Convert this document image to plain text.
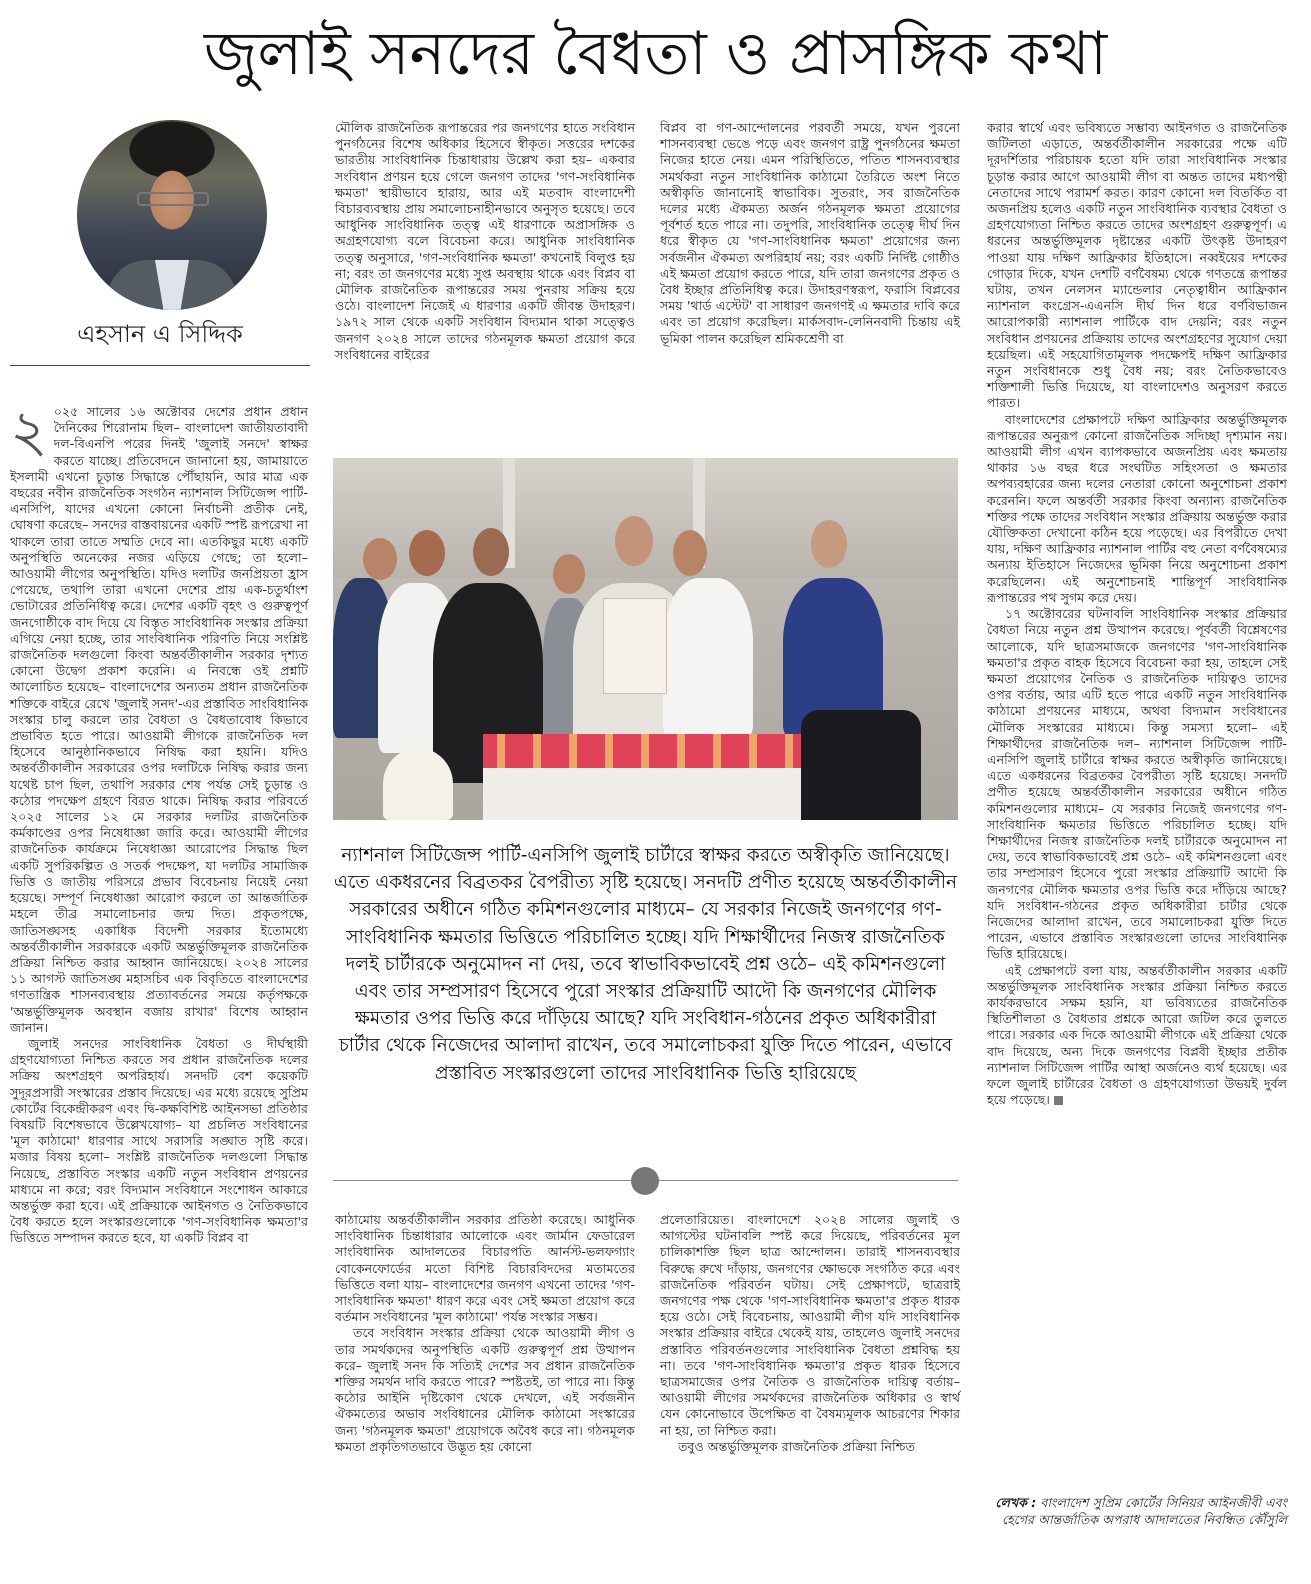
জুলাই সনদের বৈধতা ও প্রাসঙ্গিক কথা
এহসান এ সিদ্দিক

২ ০২৫ সালের ১৬ অক্টোবর দেশের প্রধান প্রধান দৈনিকের শিরোনাম ছিল– বাংলাদেশ জাতীয়তাবাদী দল-বিএনপি পরের দিনই 'জুলাই সনদে' স্বাক্ষর করতে যাচ্ছে। প্রতিবেদনে জানানো হয়, জামায়াতে ইসলামী এখনো চূড়ান্ত সিদ্ধান্তে পৌঁছায়নি, আর মাত্র এক বছরের নবীন রাজনৈতিক সংগঠন ন্যাশনাল সিটিজেন্স পার্টি-এনসিপি, যাদের এখনো কোনো নির্বাচনী প্রতীক নেই, ঘোষণা করেছে– সনদের বাস্তবায়নের একটি স্পষ্ট রূপরেখা না থাকলে তারা তাতে সম্মতি দেবে না। এতকিছুর মধ্যে একটি অনুপস্থিতি অনেকের নজর এড়িয়ে গেছে; তা হলো– আওয়ামী লীগের অনুপস্থিতি। যদিও দলটির জনপ্রিয়তা হ্রাস পেয়েছে, তথাপি তারা এখনো দেশের প্রায় এক-চতুর্থাংশ ভোটারের প্রতিনিধিত্ব করে। দেশের একটি বৃহৎ ও গুরুত্বপূর্ণ জনগোষ্ঠীকে বাদ দিয়ে যে বিস্তৃত সাংবিধানিক সংস্কার প্রক্রিয়া এগিয়ে নেয়া হচ্ছে, তার সাংবিধানিক পরিণতি নিয়ে সংশ্লিষ্ট রাজনৈতিক দলগুলো কিংবা অন্তর্বর্তীকালীন সরকার দৃশ্যত কোনো উদ্বেগ প্রকাশ করেনি। এ নিবন্ধে ওই প্রশ্নটি আলোচিত হয়েছে– বাংলাদেশের অন্যতম প্রধান রাজনৈতিক শক্তিকে বাইরে রেখে 'জুলাই সনদ'-এর প্রস্তাবিত সাংবিধানিক সংস্কার চালু করলে তার বৈধতা ও বৈধতাবোধ কিভাবে প্রভাবিত হতে পারে। আওয়ামী লীগকে রাজনৈতিক দল হিসেবে আনুষ্ঠানিকভাবে নিষিদ্ধ করা হয়নি। যদিও অন্তর্বর্তীকালীন সরকারের ওপর দলটিকে নিষিদ্ধ করার জন্য যথেষ্ট চাপ ছিল, তথাপি সরকার শেষ পর্যন্ত সেই চূড়ান্ত ও কঠোর পদক্ষেপ গ্রহণে বিরত থাকে। নিষিদ্ধ করার পরিবর্তে ২০২৫ সালের ১২ মে সরকার দলটির রাজনৈতিক কর্মকাণ্ডের ওপর নিষেধাজ্ঞা জারি করে। আওয়ামী লীগের রাজনৈতিক কার্যক্রমে নিষেধাজ্ঞা আরোপের সিদ্ধান্ত ছিল একটি সুপরিকল্পিত ও সতর্ক পদক্ষেপ, যা দলটির সামাজিক ভিত্তি ও জাতীয় পরিসরে প্রভাব বিবেচনায় নিয়েই নেয়া হয়েছে। সম্পূর্ণ নিষেধাজ্ঞা আরোপ করলে তা আন্তর্জাতিক মহলে তীব্র সমালোচনার জন্ম দিত। প্রকৃতপক্ষে, জাতিসঙ্ঘসহ একাধিক বিদেশী সরকার ইতোমধ্যে অন্তর্বর্তীকালীন সরকারকে একটি অন্তর্ভুক্তিমূলক রাজনৈতিক প্রক্রিয়া নিশ্চিত করার আহ্বান জানিয়েছে। ২০২৪ সালের ১১ আগস্ট জাতিসঙ্ঘ মহাসচিব এক বিবৃতিতে বাংলাদেশের গণতান্ত্রিক শাসনব্যবস্থায় প্রত্যাবর্তনের সময়ে কর্তৃপক্ষকে 'অন্তর্ভুক্তিমূলক অবস্থান বজায় রাখার' বিশেষ আহ্বান জানান।

জুলাই সনদের সাংবিধানিক বৈধতা ও দীর্ঘস্থায়ী গ্রহণযোগ্যতা নিশ্চিত করতে সব প্রধান রাজনৈতিক দলের সক্রিয় অংশগ্রহণ অপরিহার্য। সনদটি বেশ কয়েকটি সুদূরপ্রসারী সংস্কারের প্রস্তাব দিয়েছে। এর মধ্যে রয়েছে সুপ্রিম কোর্টের বিকেন্দ্রীকরণ এবং দ্বি-কক্ষবিশিষ্ট আইনসভা প্রতিষ্ঠার বিষয়টি বিশেষভাবে উল্লেখযোগ্য– যা প্রচলিত সংবিধানের 'মূল কাঠামো' ধারণার সাথে সরাসরি সঙ্ঘাত সৃষ্টি করে। মজার বিষয় হলো– সংশ্লিষ্ট রাজনৈতিক দলগুলো সিদ্ধান্ত নিয়েছে, প্রস্তাবিত সংস্কার একটি নতুন সংবিধান প্রণয়নের মাধ্যমে না করে; বরং বিদ্যমান সংবিধানে সংশোধন আকারে অন্তর্ভুক্ত করা হবে। এই প্রক্রিয়াকে আইনগত ও নৈতিকভাবে বৈধ করতে হলে সংস্কারগুলোকে 'গণ-সংবিধানিক ক্ষমতা'র ভিত্তিতে সম্পাদন করতে হবে, যা একটি বিপ্লব বা

মৌলিক রাজনৈতিক রূপান্তরের পর জনগণের হাতে সংবিধান পুনর্গঠনের বিশেষ অধিকার হিসেবে স্বীকৃত। সত্তরের দশকের ভারতীয় সাংবিধানিক চিন্তাধারায় উল্লেখ করা হয়– একবার সংবিধান প্রণয়ন হয়ে গেলে জনগণ তাদের 'গণ-সংবিধানিক ক্ষমতা' স্থায়ীভাবে হারায়, আর এই মতবাদ বাংলাদেশী বিচারব্যবস্থায় প্রায় সমালোচনাহীনভাবে অনুসৃত হয়েছে। তবে আধুনিক সাংবিধানিক তত্ত্ব এই ধারণাকে অপ্রাসঙ্গিক ও অগ্রহণযোগ্য বলে বিবেচনা করে। আধুনিক সাংবিধানিক তত্ত্ব অনুসারে, 'গণ-সংবিধানিক ক্ষমতা' কখনোই বিলুপ্ত হয় না; বরং তা জনগণের মধ্যে সুপ্ত অবস্থায় থাকে এবং বিপ্লব বা মৌলিক রাজনৈতিক রূপান্তরের সময় পুনরায় সক্রিয় হয়ে ওঠে। বাংলাদেশ নিজেই এ ধারণার একটি জীবন্ত উদাহরণ। ১৯৭২ সাল থেকে একটি সংবিধান বিদ্যমান থাকা সত্ত্বেও জনগণ ২০২৪ সালে তাদের গঠনমূলক ক্ষমতা প্রয়োগ করে সংবিধানের বাইরের

বিপ্লব বা গণ-আন্দোলনের পরবর্তী সময়ে, যখন পুরনো শাসনব্যবস্থা ভেঙে পড়ে এবং জনগণ রাষ্ট্র পুনর্গঠনের ক্ষমতা নিজের হাতে নেয়। এমন পরিস্থিতিতে, পতিত শাসনব্যবস্থার সমর্থকরা নতুন সাংবিধানিক কাঠামো তৈরিতে অংশ নিতে অস্বীকৃতি জানানোই স্বাভাবিক। সুতরাং, সব রাজনৈতিক দলের মধ্যে ঐকমত্য অর্জন গঠনমূলক ক্ষমতা প্রয়োগের পূর্বশর্ত হতে পারে না। তদুপরি, সাংবিধানিক তত্ত্বে দীর্ঘ দিন ধরে স্বীকৃত যে 'গণ-সাংবিধানিক ক্ষমতা' প্রয়োগের জন্য সর্বজনীন ঐকমত্য অপরিহার্য নয়; বরং একটি নির্দিষ্ট গোষ্ঠীও এই ক্ষমতা প্রয়োগ করতে পারে, যদি তারা জনগণের প্রকৃত ও বৈধ ইচ্ছার প্রতিনিধিত্ব করে। উদাহরণস্বরূপ, ফরাসি বিপ্লবের সময় 'থার্ড এস্টেট' বা সাধারণ জনগণই এ ক্ষমতার দাবি করে এবং তা প্রয়োগ করেছিল। মার্কসবাদ-লেনিনবাদী চিন্তায় এই ভূমিকা পালন করেছিল শ্রমিকশ্রেণী বা

করার স্বার্থে এবং ভবিষ্যতে সম্ভাব্য আইনগত ও রাজনৈতিক জটিলতা এড়াতে, অন্তর্বর্তীকালীন সরকারের পক্ষে এটি দূরদর্শিতার পরিচায়ক হতো যদি তারা সাংবিধানিক সংস্কার চূড়ান্ত করার আগে আওয়ামী লীগ বা অন্তত তাদের মধ্যপন্থী নেতাদের সাথে পরামর্শ করত। কারণ কোনো দল বিতর্কিত বা অজনপ্রিয় হলেও একটি নতুন সাংবিধানিক ব্যবস্থার বৈধতা ও গ্রহণযোগ্যতা নিশ্চিত করতে তাদের অংশগ্রহণ গুরুত্বপূর্ণ। এ ধরনের অন্তর্ভুক্তিমূলক দৃষ্টান্তের একটি উৎকৃষ্ট উদাহরণ পাওয়া যায় দক্ষিণ আফ্রিকার ইতিহাসে। নব্বইয়ের দশকের গোড়ার দিকে, যখন দেশটি বর্ণবৈষম্য থেকে গণতন্ত্রে রূপান্তর ঘটায়, তখন নেলসন ম্যান্ডেলার নেতৃত্বাধীন আফ্রিকান ন্যাশনাল কংগ্রেস-এএনসি দীর্ঘ দিন ধরে বর্ণবিভাজন আরোপকারী ন্যাশনাল পার্টিকে বাদ দেয়নি; বরং নতুন সংবিধান প্রণয়নের প্রক্রিয়ায় তাদের অংশগ্রহণের সুযোগ দেয়া হয়েছিল। এই সহযোগিতামূলক পদক্ষেপই দক্ষিণ আফ্রিকার নতুন সংবিধানকে শুধু বৈধ নয়; বরং নৈতিকভাবেও শক্তিশালী ভিত্তি দিয়েছে, যা বাংলাদেশও অনুসরণ করতে পারত।

বাংলাদেশের প্রেক্ষাপটে দক্ষিণ আফ্রিকার অন্তর্ভুক্তিমূলক রূপান্তরের অনুরূপ কোনো রাজনৈতিক সদিচ্ছা দৃশ্যমান নয়। আওয়ামী লীগ এখন ব্যাপকভাবে অজনপ্রিয় এবং ক্ষমতায় থাকার ১৬ বছর ধরে সংঘটিত সহিংসতা ও ক্ষমতার অপব্যবহারের জন্য দলের নেতারা কোনো অনুশোচনা প্রকাশ করেননি। ফলে অন্তর্বর্তী সরকার কিংবা অন্যান্য রাজনৈতিক শক্তির পক্ষে তাদের সংবিধান সংস্কার প্রক্রিয়ায় অন্তর্ভুক্ত করার যৌক্তিকতা দেখানো কঠিন হয়ে পড়েছে। এর বিপরীতে দেখা যায়, দক্ষিণ আফ্রিকার ন্যাশনাল পার্টির বহু নেতা বর্ণবৈষম্যের অন্যায় ইতিহাসে নিজেদের ভূমিকা নিয়ে অনুশোচনা প্রকাশ করেছিলেন। এই অনুশোচনাই শান্তিপূর্ণ সাংবিধানিক রূপান্তরের পথ সুগম করে দেয়।

১৭ অক্টোবরের ঘটনাবলি সাংবিধানিক সংস্কার প্রক্রিয়ার বৈধতা নিয়ে নতুন প্রশ্ন উত্থাপন করেছে। পূর্ববর্তী বিশ্লেষণের আলোকে, যদি ছাত্রসমাজকে জনগণের 'গণ-সাংবিধানিক ক্ষমতা'র প্রকৃত বাহক হিসেবে বিবেচনা করা হয়, তাহলে সেই ক্ষমতা প্রয়োগের নৈতিক ও রাজনৈতিক দায়িত্বও তাদের ওপর বর্তায়, আর এটি হতে পারে একটি নতুন সাংবিধানিক কাঠামো প্রণয়নের মাধ্যমে, অথবা বিদ্যমান সংবিধানের মৌলিক সংস্কারের মাধ্যমে। কিন্তু সমস্যা হলো– এই শিক্ষার্থীদের রাজনৈতিক দল– ন্যাশনাল সিটিজেন্স পার্টি-এনসিপি জুলাই চার্টারে স্বাক্ষর করতে অস্বীকৃতি জানিয়েছে। এতে একধরনের বিব্রতকর বৈপরীত্য সৃষ্টি হয়েছে। সনদটি প্রণীত হয়েছে অন্তর্বর্তীকালীন সরকারের অধীনে গঠিত কমিশনগুলোর মাধ্যমে– যে সরকার নিজেই জনগণের গণ-সাংবিধানিক ক্ষমতার ভিত্তিতে পরিচালিত হচ্ছে। যদি শিক্ষার্থীদের নিজস্ব রাজনৈতিক দলই চার্টারকে অনুমোদন না দেয়, তবে স্বাভাবিকভাবেই প্রশ্ন ওঠে– এই কমিশনগুলো এবং তার সম্প্রসারণ হিসেবে পুরো সংস্কার প্রক্রিয়াটি আদৌ কি জনগণের মৌলিক ক্ষমতার ওপর ভিত্তি করে দাঁড়িয়ে আছে? যদি সংবিধান-গঠনের প্রকৃত অধিকারীরা চার্টার থেকে নিজেদের আলাদা রাখেন, তবে সমালোচকরা যুক্তি দিতে পারেন, এভাবে প্রস্তাবিত সংস্কারগুলো তাদের সাংবিধানিক ভিত্তি হারিয়েছে।

এই প্রেক্ষাপটে বলা যায়, অন্তর্বর্তীকালীন সরকার একটি অন্তর্ভুক্তিমূলক সাংবিধানিক সংস্কার প্রক্রিয়া নিশ্চিত করতে কার্যকরভাবে সক্ষম হয়নি, যা ভবিষ্যতের রাজনৈতিক স্থিতিশীলতা ও বৈধতার প্রশ্নকে আরো জটিল করে তুলতে পারে। সরকার এক দিকে আওয়ামী লীগকে এই প্রক্রিয়া থেকে বাদ দিয়েছে, অন্য দিকে জনগণের বিপ্লবী ইচ্ছার প্রতীক ন্যাশনাল সিটিজেন্স পার্টির আস্থা অর্জনেও ব্যর্থ হয়েছে। এর ফলে জুলাই চার্টারের বৈধতা ও গ্রহণযোগ্যতা উভয়ই দুর্বল হয়ে পড়েছে।

ন্যাশনাল সিটিজেন্স পার্টি-এনসিপি জুলাই চার্টারে স্বাক্ষর করতে অস্বীকৃতি জানিয়েছে। এতে একধরনের বিব্রতকর বৈপরীত্য সৃষ্টি হয়েছে। সনদটি প্রণীত হয়েছে অন্তর্বর্তীকালীন সরকারের অধীনে গঠিত কমিশনগুলোর মাধ্যমে– যে সরকার নিজেই জনগণের গণ-সাংবিধানিক ক্ষমতার ভিত্তিতে পরিচালিত হচ্ছে। যদি শিক্ষার্থীদের নিজস্ব রাজনৈতিক দলই চার্টারকে অনুমোদন না দেয়, তবে স্বাভাবিকভাবেই প্রশ্ন ওঠে– এই কমিশনগুলো এবং তার সম্প্রসারণ হিসেবে পুরো সংস্কার প্রক্রিয়াটি আদৌ কি জনগণের মৌলিক ক্ষমতার ওপর ভিত্তি করে দাঁড়িয়ে আছে? যদি সংবিধান-গঠনের প্রকৃত অধিকারীরা চার্টার থেকে নিজেদের আলাদা রাখেন, তবে সমালোচকরা যুক্তি দিতে পারেন, এভাবে প্রস্তাবিত সংস্কারগুলো তাদের সাংবিধানিক ভিত্তি হারিয়েছে

কাঠামোয় অন্তর্বর্তীকালীন সরকার প্রতিষ্ঠা করেছে। আধুনিক সাংবিধানিক চিন্তাধারার আলোকে এবং জার্মান ফেডারেল সাংবিধানিক আদালতের বিচারপতি আর্নস্ট-ভলফগ্যাং বোকেনফোর্ডের মতো বিশিষ্ট বিচারবিদদের মতামতের ভিত্তিতে বলা যায়– বাংলাদেশের জনগণ এখনো তাদের 'গণ-সাংবিধানিক ক্ষমতা' ধারণ করে এবং সেই ক্ষমতা প্রয়োগ করে বর্তমান সংবিধানের 'মূল কাঠামো' পর্যন্ত সংস্কার সম্ভব।

তবে সংবিধান সংস্কার প্রক্রিয়া থেকে আওয়ামী লীগ ও তার সমর্থকদের অনুপস্থিতি একটি গুরুত্বপূর্ণ প্রশ্ন উত্থাপন করে– জুলাই সনদ কি সত্যিই দেশের সব প্রধান রাজনৈতিক শক্তির সমর্থন দাবি করতে পারে? স্পষ্টতই, তা পারে না। কিন্তু কঠোর আইনি দৃষ্টিকোণ থেকে দেখলে, এই সর্বজনীন ঐকমত্যের অভাব সংবিধানের মৌলিক কাঠামো সংস্কারের জন্য 'গঠনমূলক ক্ষমতা' প্রয়োগকে অবৈধ করে না। গঠনমূলক ক্ষমতা প্রকৃতিগতভাবে উদ্ভূত হয় কোনো

প্রলেতারিয়েত। বাংলাদেশে ২০২৪ সালের জুলাই ও আগস্টের ঘটনাবলি স্পষ্ট করে দিয়েছে, পরিবর্তনের মূল চালিকাশক্তি ছিল ছাত্র আন্দোলন। তারাই শাসনব্যবস্থার বিরুদ্ধে রুখে দাঁড়ায়, জনগণের ক্ষোভকে সংগঠিত করে এবং রাজনৈতিক পরিবর্তন ঘটায়। সেই প্রেক্ষাপটে, ছাত্ররাই জনগণের পক্ষ থেকে 'গণ-সাংবিধানিক ক্ষমতা'র প্রকৃত ধারক হয়ে ওঠে। সেই বিবেচনায়, আওয়ামী লীগ যদি সাংবিধানিক সংস্কার প্রক্রিয়ার বাইরে থেকেই যায়, তাহলেও জুলাই সনদের প্রস্তাবিত পরিবর্তনগুলোর সাংবিধানিক বৈধতা প্রশ্নবিদ্ধ হয় না। তবে 'গণ-সাংবিধানিক ক্ষমতা'র প্রকৃত ধারক হিসেবে ছাত্রসমাজের ওপর নৈতিক ও রাজনৈতিক দায়িত্ব বর্তায়– আওয়ামী লীগের সমর্থকদের রাজনৈতিক অধিকার ও স্বার্থ যেন কোনোভাবে উপেক্ষিত বা বৈষম্যমূলক আচরণের শিকার না হয়, তা নিশ্চিত করা।

তবুও অন্তর্ভুক্তিমূলক রাজনৈতিক প্রক্রিয়া নিশ্চিত

লেখক : বাংলাদেশ সুপ্রিম কোর্টের সিনিয়র আইনজীবী এবং হেগের আন্তর্জাতিক অপরাধ আদালতের নিবন্ধিত কৌঁসুলি
